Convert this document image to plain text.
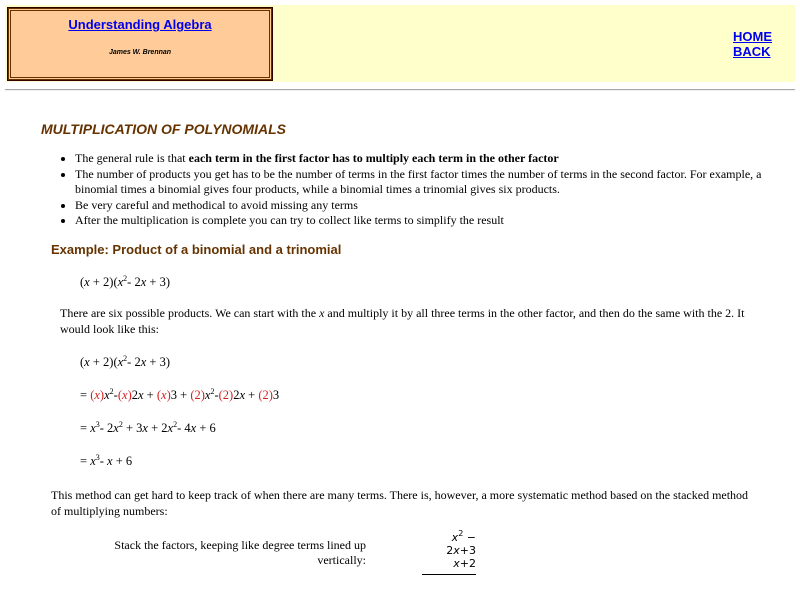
Understanding Algebra
James W. Brennan
HOME
BACK
MULTIPLICATION OF POLYNOMIALS
• The general rule is that each term in the first factor has to multiply each term in the other factor
• The number of products you get has to be the number of terms in the first factor times the number of terms in the second factor. For example, a binomial times a binomial gives four products, while a binomial times a trinomial gives six products.
• Be very careful and methodical to avoid missing any terms
• After the multiplication is complete you can try to collect like terms to simplify the result
Example: Product of a binomial and a trinomial
$(x + 2)(x^2-$ 2x + 3)
There are six possible products. We can start with the x and multiply it by all three terms in the other factor, and then do the same with the 2. It would look like this:
$(x + 2)(x^2-$ 2x + 3)
= $(x)x^2-(x)2x + (x)3 + (2)x^2-(2)2x + (2)3$
= $x^3-$ $2x^2 + 3x + 2x^2-$ 4x + 6
= $x^3-$ x + 6
This method can get hard to keep track of when there are many terms. There is, however, a more systematic method based on the stacked method of multiplying numbers:
Stack the factors, keeping like degree terms lined up vertically:
$x^2 - 2x+3$
x+2
